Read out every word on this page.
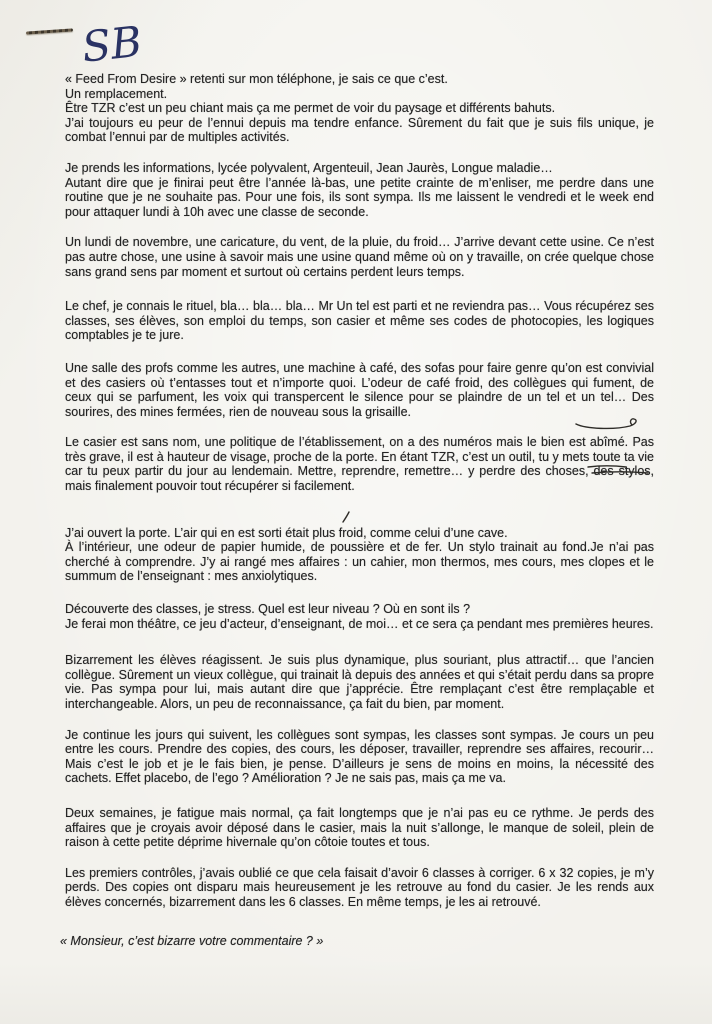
SB

« Feed From Desire » retenti sur mon téléphone, je sais ce que c’est.
Un remplacement.
Être TZR c’est un peu chiant mais ça me permet de voir du paysage et différents bahuts.
J’ai toujours eu peur de l’ennui depuis ma tendre enfance. Sûrement du fait que je suis fils unique, je combat l’ennui par de multiples activités.

Je prends les informations, lycée polyvalent, Argenteuil, Jean Jaurès, Longue maladie…
Autant dire que je finirai peut être l’année là-bas, une petite crainte de m’enliser, me perdre dans une routine que je ne souhaite pas. Pour une fois, ils sont sympa. Ils me laissent le vendredi et le week end pour attaquer lundi à 10h avec une classe de seconde.

Un lundi de novembre, une caricature, du vent, de la pluie, du froid… J’arrive devant cette usine. Ce n’est pas autre chose, une usine à savoir mais une usine quand même où on y travaille, on crée quelque chose sans grand sens par moment et surtout où certains perdent leurs temps.

Le chef, je connais le rituel, bla… bla… bla… Mr Un tel est parti et ne reviendra pas… Vous récupérez ses classes, ses élèves, son emploi du temps, son casier et même ses codes de photocopies, les logiques comptables je te jure.

Une salle des profs comme les autres, une machine à café, des sofas pour faire genre qu’on est convivial et des casiers où t’entasses tout et n’importe quoi. L’odeur de café froid, des collègues qui fument, de ceux qui se parfument, les voix qui transpercent le silence pour se plaindre de un tel et un tel… Des sourires, des mines fermées, rien de nouveau sous la grisaille.

Le casier est sans nom, une politique de l’établissement, on a des numéros mais le bien est abîmé. Pas très grave, il est à hauteur de visage, proche de la porte. En étant TZR, c’est un outil, tu y mets toute ta vie car tu peux partir du jour au lendemain. Mettre, reprendre, remettre… y perdre des choses, des stylos, mais finalement pouvoir tout récupérer si facilement.

J’ai ouvert la porte. L’air qui en est sorti était plus froid, comme celui d’une cave.
À l’intérieur, une odeur de papier humide, de poussière et de fer. Un stylo trainait au fond.Je n’ai pas cherché à comprendre. J’y ai rangé mes affaires : un cahier, mon thermos, mes cours, mes clopes et le summum de l’enseignant : mes anxiolytiques.

Découverte des classes, je stress. Quel est leur niveau ? Où en sont ils ?
Je ferai mon théâtre, ce jeu d’acteur, d’enseignant, de moi… et ce sera ça pendant mes premières heures.

Bizarrement les élèves réagissent. Je suis plus dynamique, plus souriant, plus attractif… que l’ancien collègue. Sûrement un vieux collègue, qui trainait là depuis des années et qui s’était perdu dans sa propre vie. Pas sympa pour lui, mais autant dire que j’apprécie. Être remplaçant c’est être remplaçable et interchangeable. Alors, un peu de reconnaissance, ça fait du bien, par moment.

Je continue les jours qui suivent, les collègues sont sympas, les classes sont sympas. Je cours un peu entre les cours. Prendre des copies, des cours, les déposer, travailler, reprendre ses affaires, recourir… Mais c’est le job et je le fais bien, je pense. D’ailleurs je sens de moins en moins, la nécessité des cachets. Effet placebo, de l’ego ? Amélioration ? Je ne sais pas, mais ça me va.

Deux semaines, je fatigue mais normal, ça fait longtemps que je n’ai pas eu ce rythme. Je perds des affaires que je croyais avoir déposé dans le casier, mais la nuit s’allonge, le manque de soleil, plein de raison à cette petite déprime hivernale qu’on côtoie toutes et tous.

Les premiers contrôles, j’avais oublié ce que cela faisait d’avoir 6 classes à corriger. 6 x 32 copies, je m’y perds. Des copies ont disparu mais heureusement je les retrouve au fond du casier. Je les rends aux élèves concernés, bizarrement dans les 6 classes. En même temps, je les ai retrouvé.

« Monsieur, c’est bizarre votre commentaire ? »
